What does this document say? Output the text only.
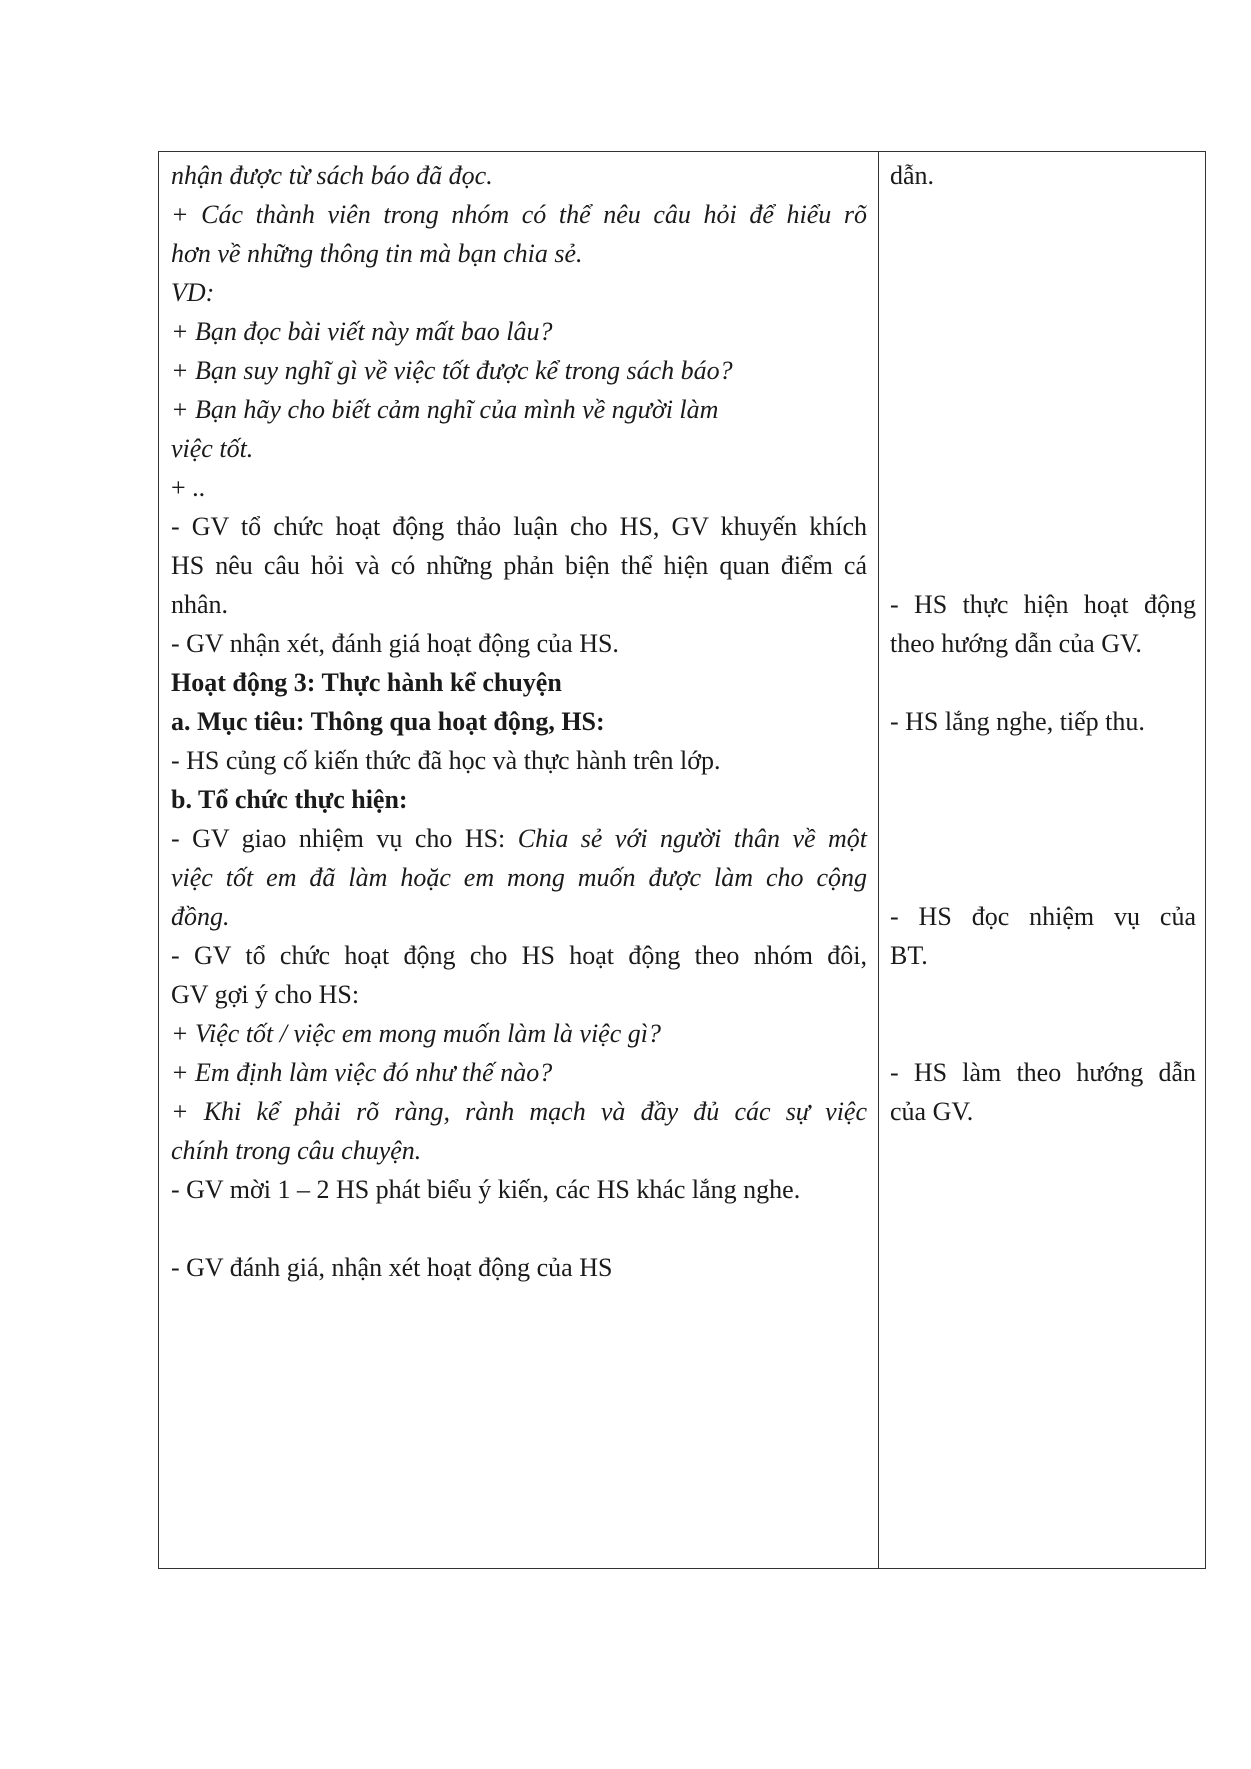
nhận được từ sách báo đã đọc.
+ Các thành viên trong nhóm có thể nêu câu hỏi để hiểu rõ
hơn về những thông tin mà bạn chia sẻ.
VD:
+ Bạn đọc bài viết này mất bao lâu?
+ Bạn suy nghĩ gì về việc tốt được kể trong sách báo?
+ Bạn hãy cho biết cảm nghĩ của mình về người làm
việc tốt.
+ ..
- GV tổ chức hoạt động thảo luận cho HS, GV khuyến khích
HS nêu câu hỏi và có những phản biện thể hiện quan điểm cá
nhân.
- GV nhận xét, đánh giá hoạt động của HS.
Hoạt động 3: Thực hành kể chuyện
a. Mục tiêu: Thông qua hoạt động, HS:
- HS củng cố kiến thức đã học và thực hành trên lớp.
b. Tổ chức thực hiện:
- GV giao nhiệm vụ cho HS: Chia sẻ với người thân về một
việc tốt em đã làm hoặc em mong muốn được làm cho cộng
đồng.
- GV tổ chức hoạt động cho HS hoạt động theo nhóm đôi,
GV gợi ý cho HS:
+ Việc tốt / việc em mong muốn làm là việc gì?
+ Em định làm việc đó như thế nào?
+ Khi kể phải rõ ràng, rành mạch và đầy đủ các sự việc
chính trong câu chuyện.
- GV mời 1 – 2 HS phát biểu ý kiến, các HS khác lắng nghe.
- GV đánh giá, nhận xét hoạt động của HS
dẫn.
- HS thực hiện hoạt động
theo hướng dẫn của GV.
- HS lắng nghe, tiếp thu.
- HS đọc nhiệm vụ của
BT.
- HS làm theo hướng dẫn
của GV.
